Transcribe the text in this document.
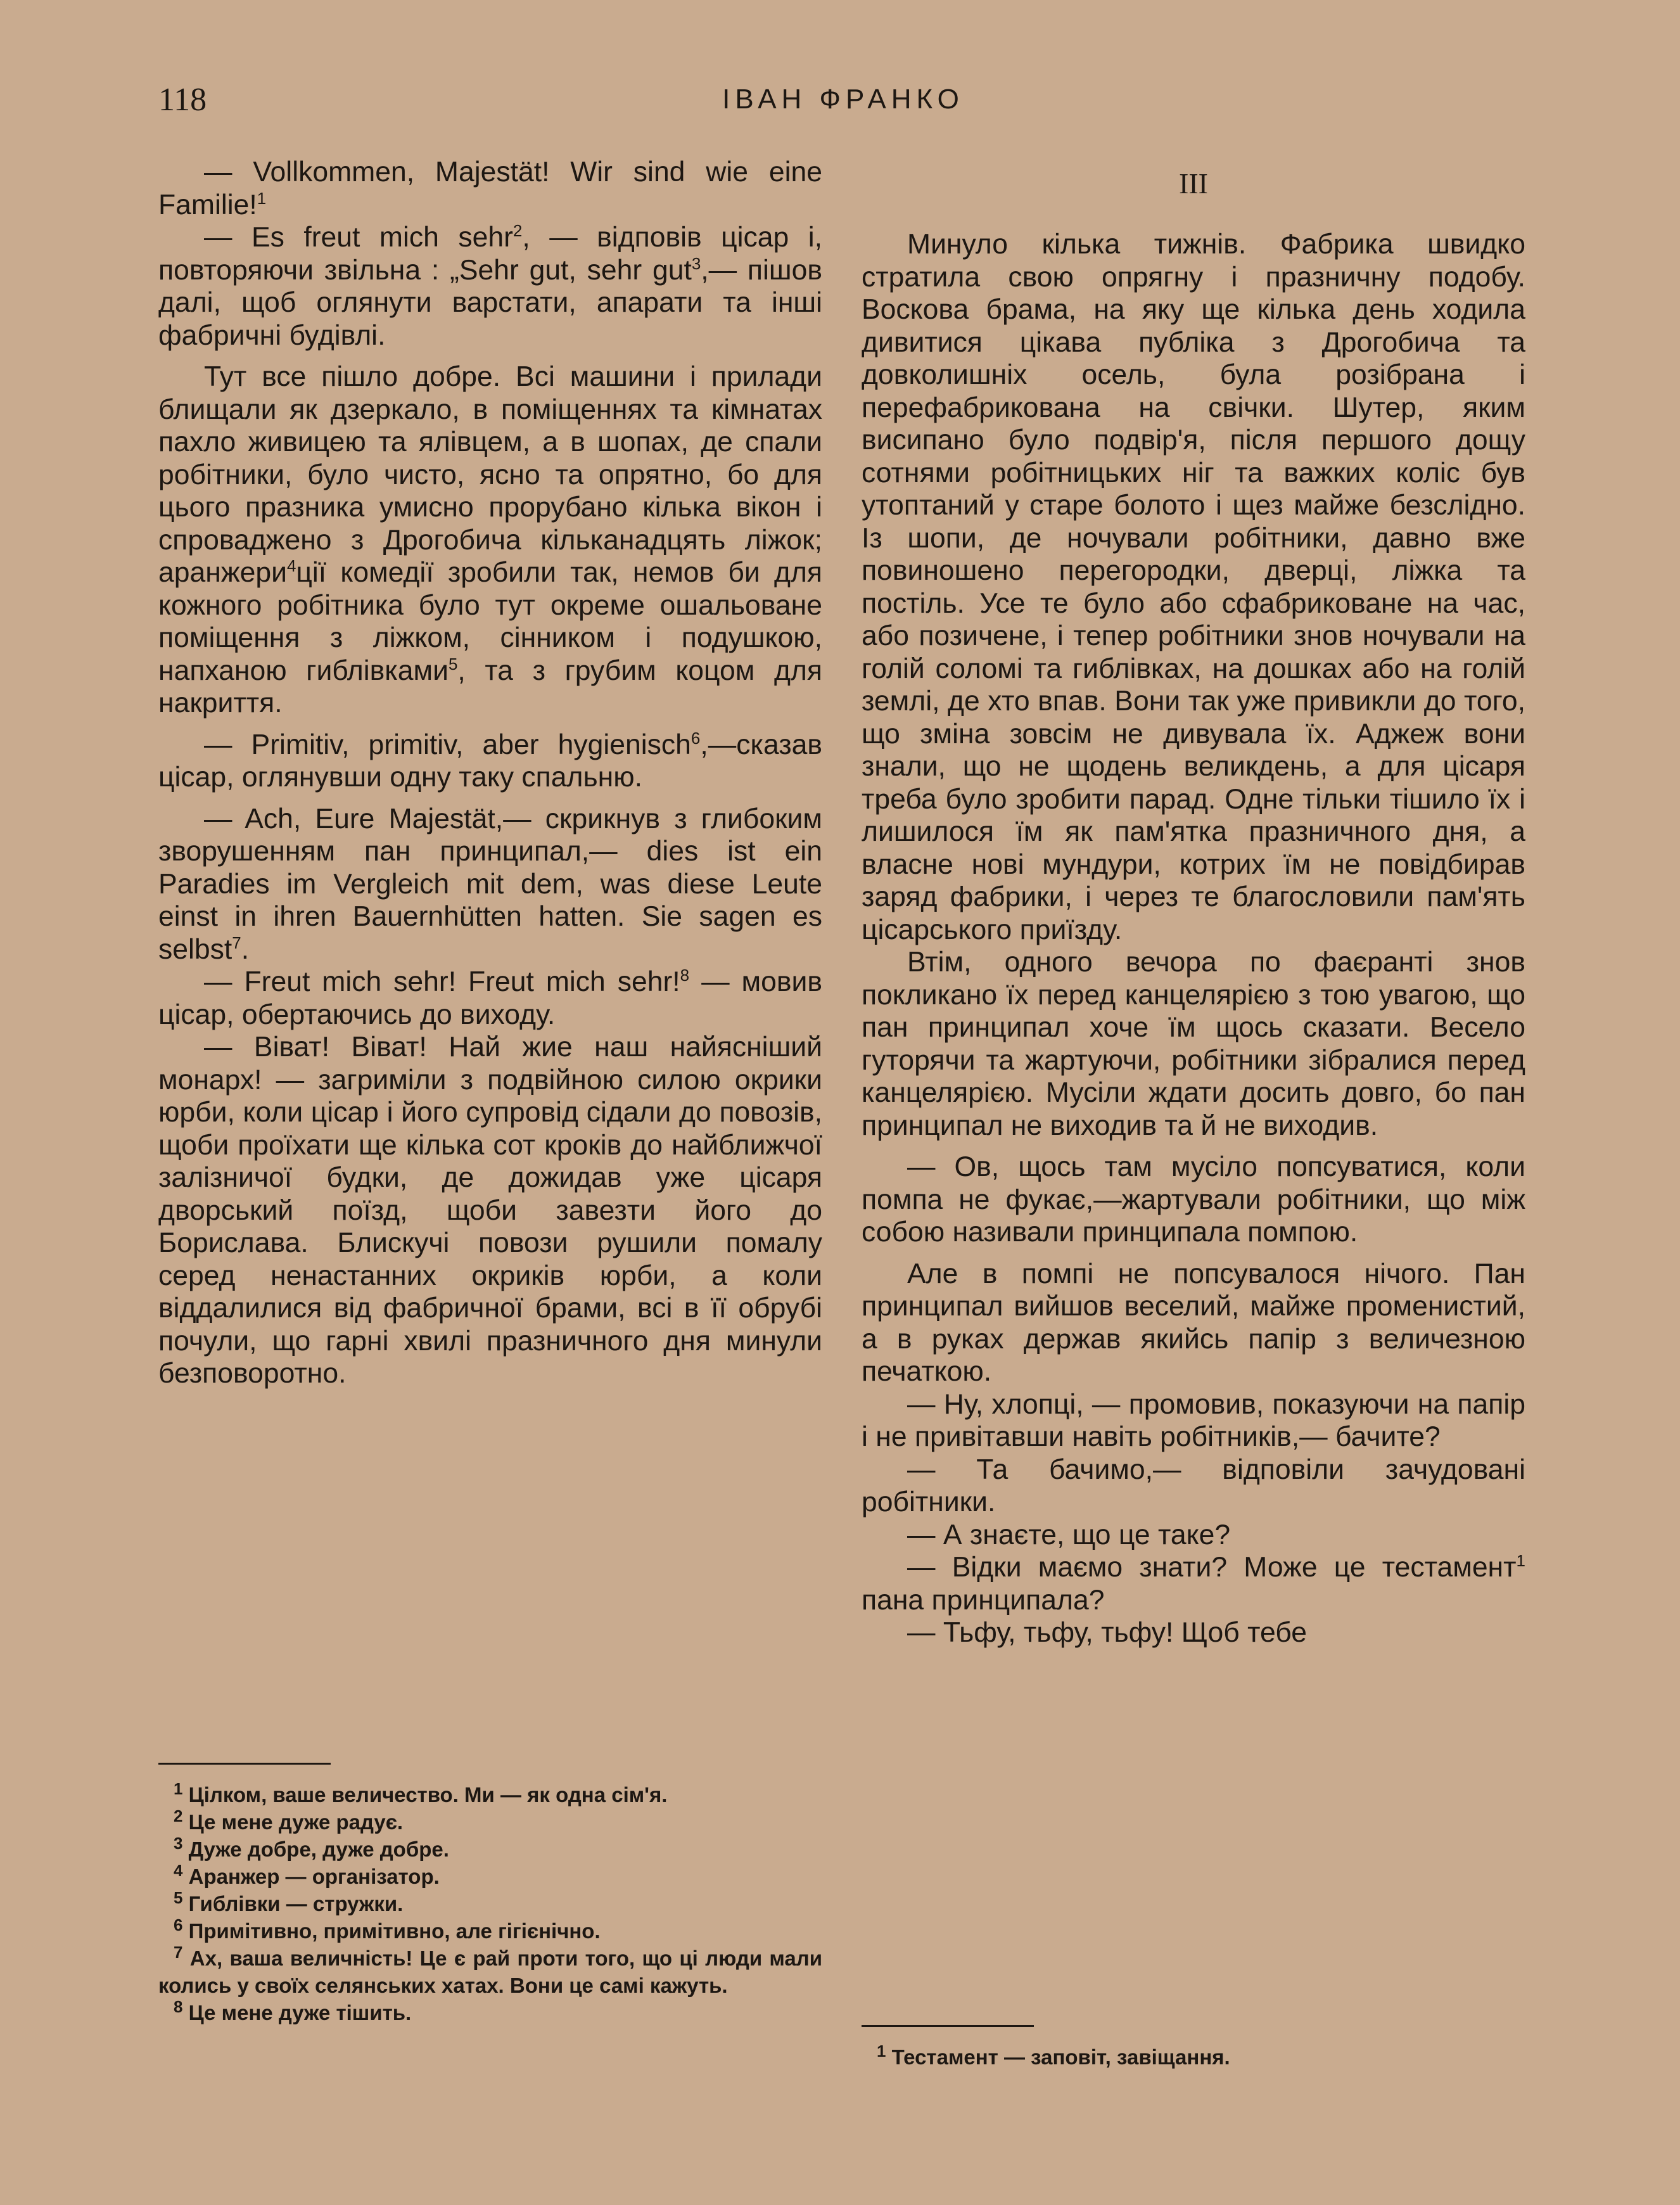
118	ІВАН ФРАНКО

— Vollkommen, Majestät! Wir sind wie eine Familie!$^1$

— Es freut mich sehr$^2$, — відповів цісар і, повторяючи звільна : „Sehr gut, sehr gut$^3$,— пішов далі, щоб оглянути варстати, апарати та інші фабричні будівлі.

Тут все пішло добре. Всі машини і прилади блищали як дзеркало, в поміщеннях та кімнатах пахло живицею та ялівцем, а в шопах, де спали робітники, було чисто, ясно та опрятно, бо для цього празника умисно прорубано кілька вікон і спроваджено з Дрогобича кільканадцять ліжок; аранжери$^4$ції комедії зробили так, немов би для кожного робітника було тут окреме ошальоване поміщення з ліжком, сінником і подушкою, напханою гиблівками$^5$, та з грубим коцом для накриття.

— Primitiv, primitiv, aber hygienisch$^6$,—сказав цісар, оглянувши одну таку спальню.

— Ach, Eure Majestät,— скрикнув з глибоким зворушенням пан принципал,— dies ist ein Paradies im Vergleich mit dem, was diese Leute einst in ihren Bauernhütten hatten. Sie sagen es selbst$^7$.

— Freut mich sehr! Freut mich sehr!$^8$ — мовив цісар, обертаючись до виходу.

— Віват! Віват! Най жие наш найясніший монарх! — загриміли з подвійною силою окрики юрби, коли цісар і його супровід сідали до повозів, щоби проїхати ще кілька сот кроків до найближчої залізничої будки, де дожидав уже цісаря дворський поїзд, щоби завезти його до Борислава. Блискучі повози рушили помалу серед ненастанних окриків юрби, а коли віддалилися від фабричної брами, всі в її обрубі почули, що гарні хвилі празничного дня минули безповоротно.

$^1$ Цілком, ваше величество. Ми — як одна сім'я.

$^2$ Це мене дуже радує.

$^3$ Дуже добре, дуже добре.

$^4$ Аранжер — організатор.

$^5$ Гиблівки — стружки.

$^6$ Примітивно, примітивно, але гігієнічно.

$^7$ Ах, ваша величність! Це є рай проти того, що ці люди мали колись у своїх селянських хатах. Вони це самі кажуть.

$^8$ Це мене дуже тішить.

III

Минуло кілька тижнів. Фабрика швидко стратила свою опрягну і празничну подобу. Воскова брама, на яку ще кілька день ходила дивитися цікава публіка з Дрогобича та довколишніх осель, була розібрана і перефабрикована на свічки. Шутер, яким висипано було подвір'я, після першого дощу сотнями робітницьких ніг та важких коліс був утоптаний у старе болото і щез майже безслідно. Із шопи, де ночували робітники, давно вже повиношено перегородки, дверці, ліжка та постіль. Усе те було або сфабриковане на час, або позичене, і тепер робітники знов ночували на голій соломі та гиблівках, на дошках або на голій землі, де хто впав. Вони так уже привикли до того, що зміна зовсім не дивувала їх. Аджеж вони знали, що не щодень великдень, а для цісаря треба було зробити парад. Одне тільки тішило їх і лишилося їм як пам'ятка празничного дня, а власне нові мундури, котрих їм не повідбирав заряд фабрики, і через те благословили пам'ять цісарського приїзду.

Втім, одного вечора по фаєранті знов покликано їх перед канцелярією з тою увагою, що пан принципал хоче їм щось сказати. Весело гуторячи та жартуючи, робітники зібралися перед канцелярією. Мусіли ждати досить довго, бо пан принципал не виходив та й не виходив.

— Ов, щось там мусіло попсуватися, коли помпа не фукає,—жартували робітники, що між собою називали принципала помпою.

Але в помпі не попсувалося нічого. Пан принципал вийшов веселий, майже променистий, а в руках держав якийсь папір з величезною печаткою.

— Ну, хлопці, — промовив, показуючи на папір і не привітавши навіть робітників,— бачите?

— Та бачимо,— відповіли зачудовані робітники.

— А знаєте, що це таке?

— Відки маємо знати? Може це тестамент$^1$ пана принципала?

— Тьфу, тьфу, тьфу! Щоб тебе

$^1$ Тестамент — заповіт, завіщання.
